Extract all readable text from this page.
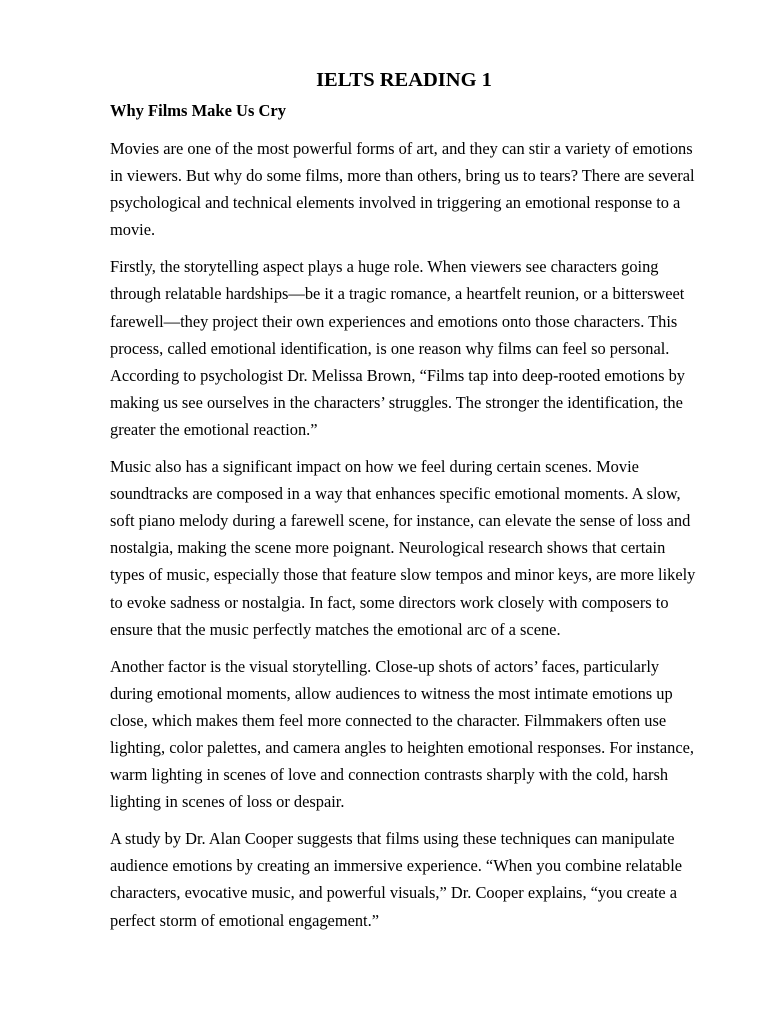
IELTS READING 1
Why Films Make Us Cry

Movies are one of the most powerful forms of art, and they can stir a variety of emotions in viewers. But why do some films, more than others, bring us to tears? There are several psychological and technical elements involved in triggering an emotional response to a movie.

Firstly, the storytelling aspect plays a huge role. When viewers see characters going through relatable hardships—be it a tragic romance, a heartfelt reunion, or a bittersweet farewell—they project their own experiences and emotions onto those characters. This process, called emotional identification, is one reason why films can feel so personal. According to psychologist Dr. Melissa Brown, “Films tap into deep-rooted emotions by making us see ourselves in the characters’ struggles. The stronger the identification, the greater the emotional reaction.”

Music also has a significant impact on how we feel during certain scenes. Movie soundtracks are composed in a way that enhances specific emotional moments. A slow, soft piano melody during a farewell scene, for instance, can elevate the sense of loss and nostalgia, making the scene more poignant. Neurological research shows that certain types of music, especially those that feature slow tempos and minor keys, are more likely to evoke sadness or nostalgia. In fact, some directors work closely with composers to ensure that the music perfectly matches the emotional arc of a scene.

Another factor is the visual storytelling. Close-up shots of actors’ faces, particularly during emotional moments, allow audiences to witness the most intimate emotions up close, which makes them feel more connected to the character. Filmmakers often use lighting, color palettes, and camera angles to heighten emotional responses. For instance, warm lighting in scenes of love and connection contrasts sharply with the cold, harsh lighting in scenes of loss or despair.

A study by Dr. Alan Cooper suggests that films using these techniques can manipulate audience emotions by creating an immersive experience. “When you combine relatable characters, evocative music, and powerful visuals,” Dr. Cooper explains, “you create a perfect storm of emotional engagement.”
